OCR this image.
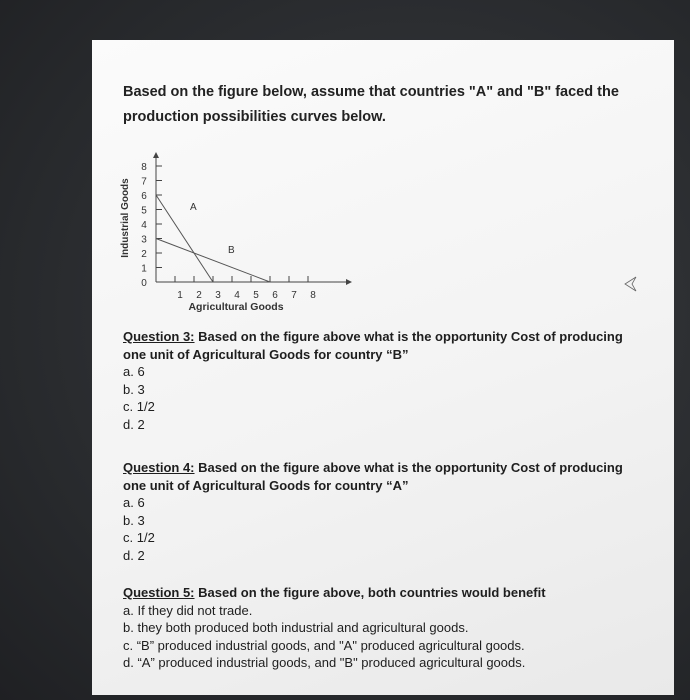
Based on the figure below, assume that countries "A" and "B" faced the production possibilities curves below.
Industrial Goods
8
7
6
5
4
3
2
1
0
1 2 3 4 5 6 7 8
A
B
Agricultural Goods
Question 3: Based on the figure above what is the opportunity Cost of producing one unit of Agricultural Goods for country “B”
a. 6
b. 3
c. 1/2
d. 2
Question 4: Based on the figure above what is the opportunity Cost of producing one unit of Agricultural Goods for country “A”
a. 6
b. 3
c. 1/2
d. 2
Question 5: Based on the figure above, both countries would benefit
a. If they did not trade.
b. they both produced both industrial and agricultural goods.
c. “B” produced industrial goods, and "A" produced agricultural goods.
d. “A” produced industrial goods, and "B" produced agricultural goods.
